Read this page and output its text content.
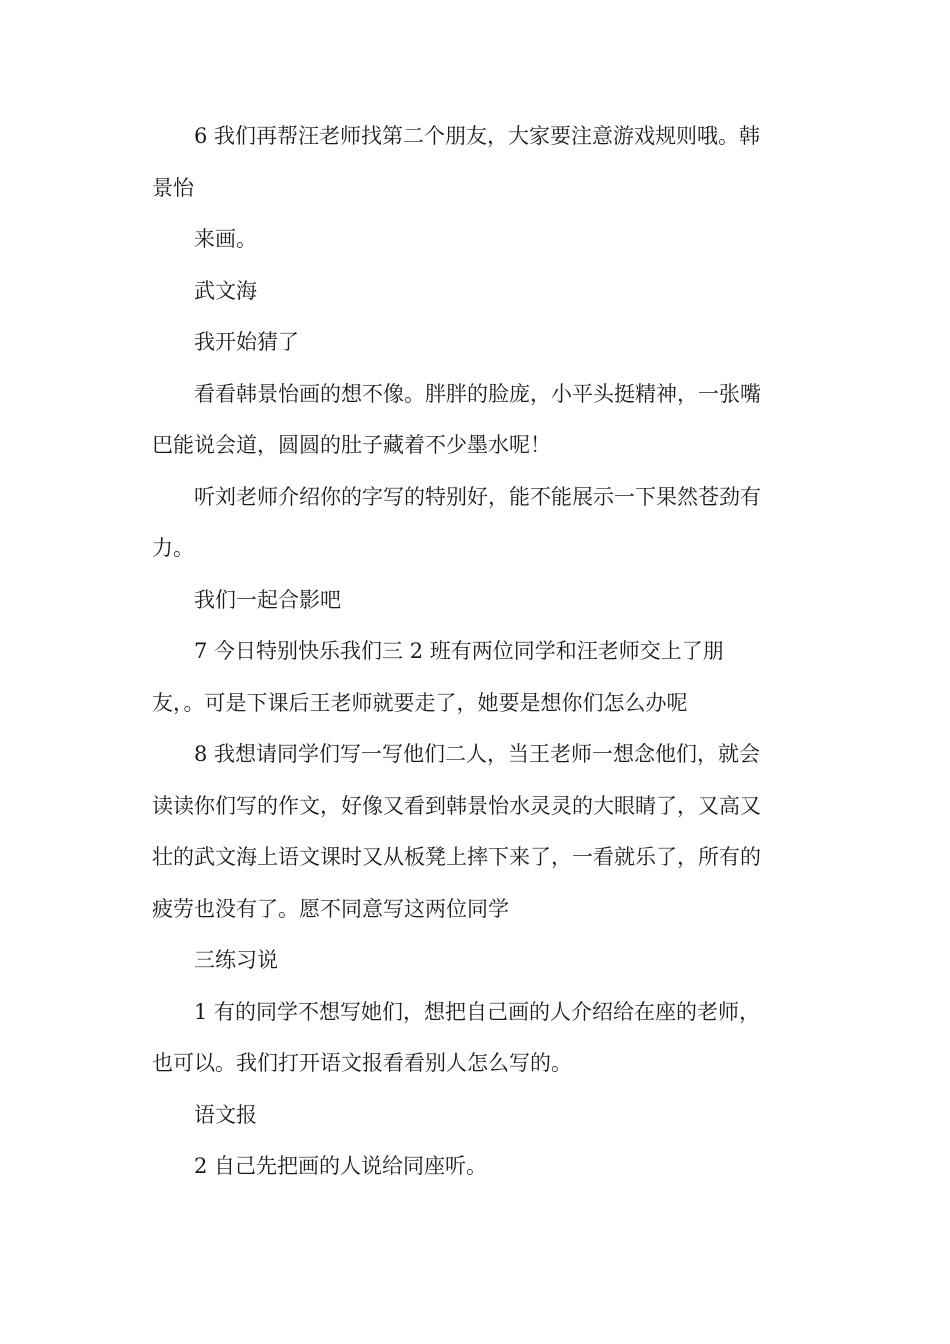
6 我们再帮汪老师找第二个朋友，大家要注意游戏规则哦。韩

景怡

来画。

武文海

我开始猜了

看看韩景怡画的想不像。胖胖的脸庞，小平头挺精神，一张嘴

巴能说会道，圆圆的肚子藏着不少墨水呢！

听刘老师介绍你的字写的特别好，能不能展示一下果然苍劲有

力。

我们一起合影吧

7 今日特别快乐我们三 2 班有两位同学和汪老师交上了朋

友，。可是下课后王老师就要走了，她要是想你们怎么办呢

8 我想请同学们写一写他们二人，当王老师一想念他们，就会

读读你们写的作文，好像又看到韩景怡水灵灵的大眼睛了，又高又

壮的武文海上语文课时又从板凳上摔下来了，一看就乐了，所有的

疲劳也没有了。愿不同意写这两位同学

三练习说

1 有的同学不想写她们，想把自己画的人介绍给在座的老师，

也可以。我们打开语文报看看别人怎么写的。

语文报

2 自己先把画的人说给同座听。
